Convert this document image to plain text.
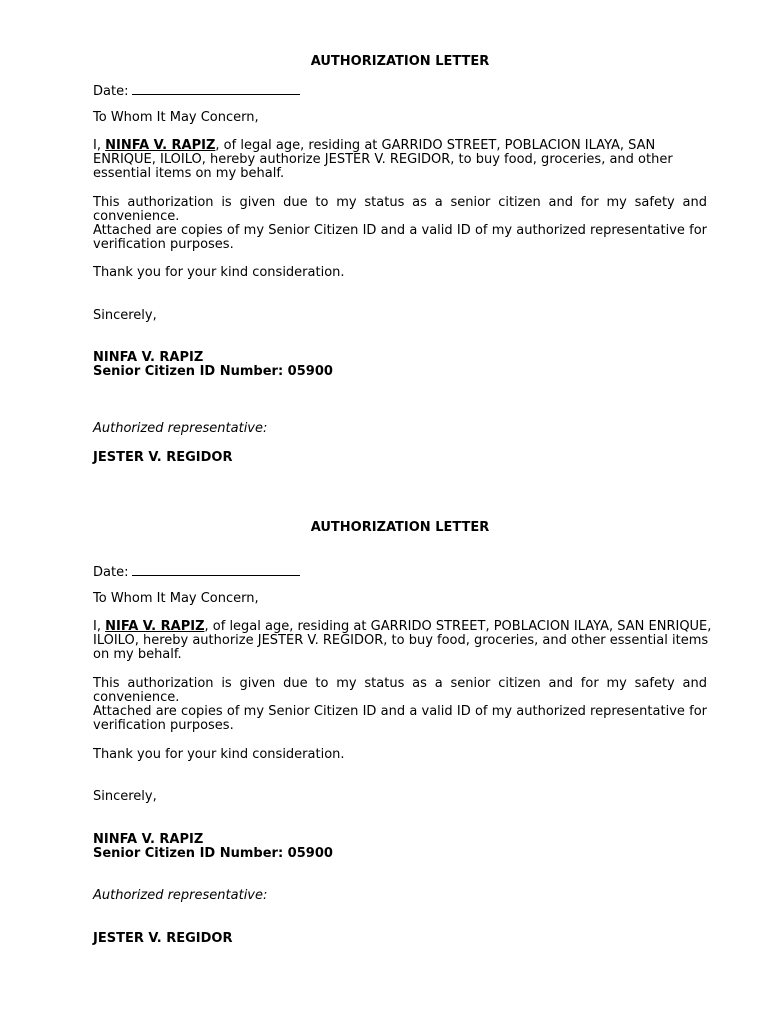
AUTHORIZATION LETTER

Date:

To Whom It May Concern,

I, NINFA V. RAPIZ, of legal age, residing at GARRIDO STREET, POBLACION ILAYA, SAN

ENRIQUE, ILOILO, hereby authorize JESTER V. REGIDOR, to buy food, groceries, and other

essential items on my behalf.

This authorization is given due to my status as a senior citizen and for my safety and convenience.

Attached are copies of my Senior Citizen ID and a valid ID of my authorized representative for verification purposes.

Thank you for your kind consideration.

Sincerely,

NINFA V. RAPIZ

Senior Citizen ID Number: 05900

Authorized representative:

JESTER V. REGIDOR

AUTHORIZATION LETTER

Date:

To Whom It May Concern,

I, NIFA V. RAPIZ, of legal age, residing at GARRIDO STREET, POBLACION ILAYA, SAN ENRIQUE,

ILOILO, hereby authorize JESTER V. REGIDOR, to buy food, groceries, and other essential items

on my behalf.

This authorization is given due to my status as a senior citizen and for my safety and convenience.

Attached are copies of my Senior Citizen ID and a valid ID of my authorized representative for verification purposes.

Thank you for your kind consideration.

Sincerely,

NINFA V. RAPIZ

Senior Citizen ID Number: 05900

Authorized representative:

JESTER V. REGIDOR
